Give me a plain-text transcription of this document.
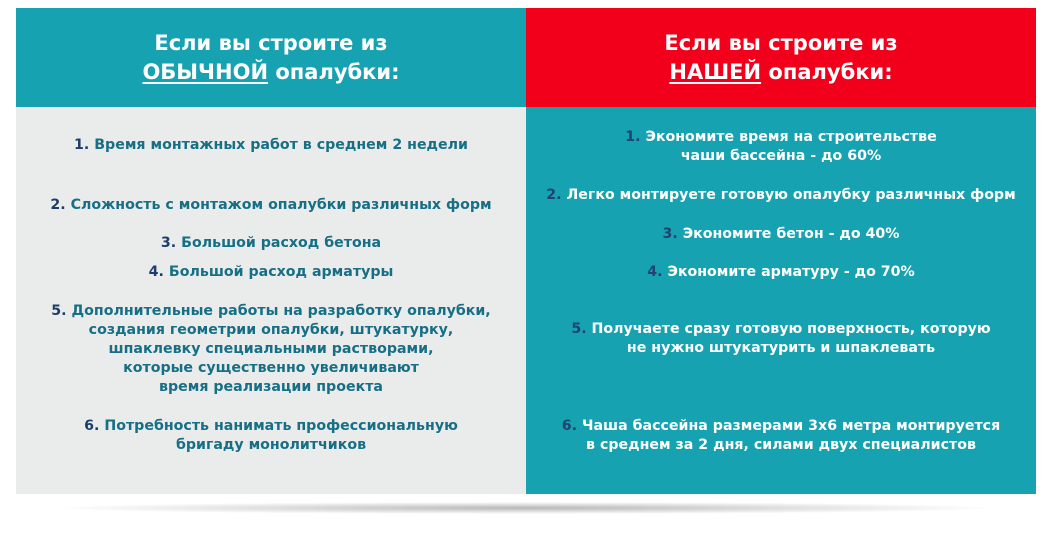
Если вы строите из
ОБЫЧНОЙ опалубки:
1. Время монтажных работ в среднем 2 недели
2. Сложность с монтажом опалубки различных форм
3. Большой расход бетона
4. Большой расход арматуры
5. Дополнительные работы на разработку опалубки,
создания геометрии опалубки, штукатурку,
шпаклевку специальными растворами,
которые существенно увеличивают
время реализации проекта
6. Потребность нанимать профессиональную
бригаду монолитчиков
Если вы строите из
НАШЕЙ опалубки:
1. Экономите время на строительстве
чаши бассейна - до 60%
2. Легко монтируете готовую опалубку различных форм
3. Экономите бетон - до 40%
4. Экономите арматуру - до 70%
5. Получаете сразу готовую поверхность, которую
не нужно штукатурить и шпаклевать
6. Чаша бассейна размерами 3х6 метра монтируется
в среднем за 2 дня, силами двух специалистов
